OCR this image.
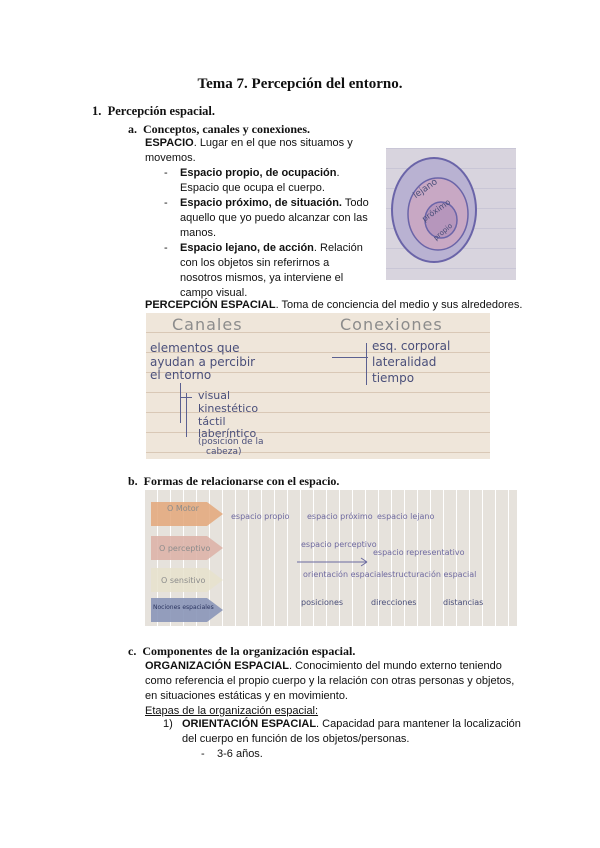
Tema 7. Percepción del entorno.
1.  Percepción espacial.
a.  Conceptos, canales y conexiones.
ESPACIO. Lugar en el que nos situamos y movemos.
- Espacio propio, de ocupación. Espacio que ocupa el cuerpo.
- Espacio próximo, de situación. Todo aquello que yo puedo alcanzar con las manos.
- Espacio lejano, de acción. Relación con los objetos sin referirnos a nosotros mismos, ya interviene el campo visual.
lejano
próximo
propio
PERCEPCIÓN ESPACIAL. Toma de conciencia del medio y sus alrededores.
Canales	Conexiones
elementos que
ayudan a percibir
el entorno
esq. corporal
lateralidad
tiempo
visual
kinestético
táctil
laberíntico
(posición de la
cabeza)
b.  Formas de relacionarse con el espacio.
O Motor
O perceptivo
O sensitivo
Nociones espaciales
espacio propio espacio próximo espacio lejano
espacio perceptivo
espacio representativo
orientación espacial estructuración espacial
posiciones	direcciones	distancias
c.  Componentes de la organización espacial.
ORGANIZACIÓN ESPACIAL. Conocimiento del mundo externo teniendo como referencia el propio cuerpo y la relación con otras personas y objetos, en situaciones estáticas y en movimiento.
Etapas de la organización espacial:
1) ORIENTACIÓN ESPACIAL. Capacidad para mantener la localización del cuerpo en función de los objetos/personas.
- 3-6 años.
